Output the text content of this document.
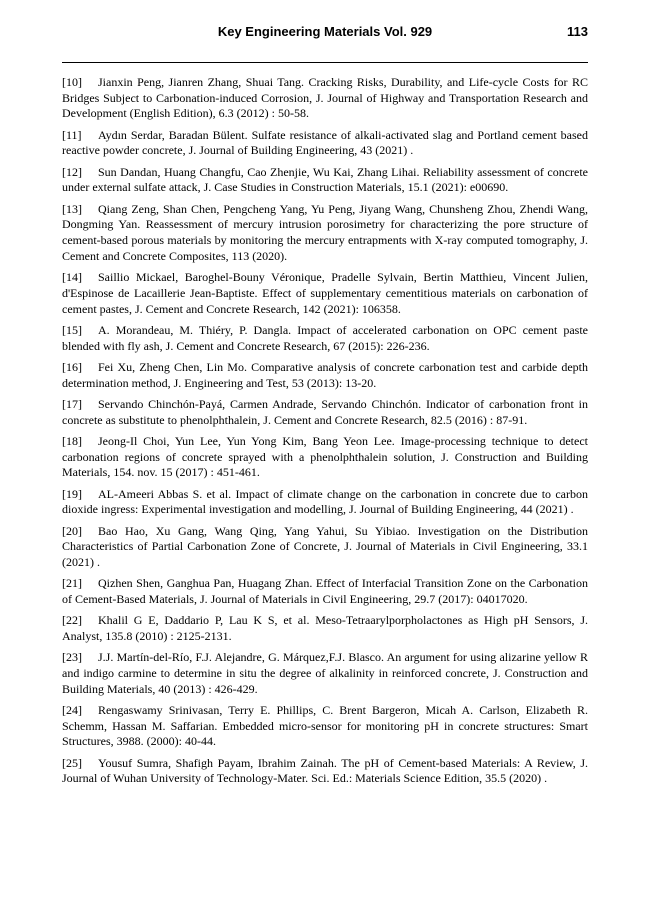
Key Engineering Materials Vol. 929	113

[10] Jianxin Peng, Jianren Zhang, Shuai Tang. Cracking Risks, Durability, and Life-cycle Costs for RC Bridges Subject to Carbonation-induced Corrosion, J. Journal of Highway and Transportation Research and Development (English Edition), 6.3 (2012) : 50-58.

[11] Aydın Serdar, Baradan Bülent. Sulfate resistance of alkali-activated slag and Portland cement based reactive powder concrete, J. Journal of Building Engineering, 43 (2021) .

[12] Sun Dandan, Huang Changfu, Cao Zhenjie, Wu Kai, Zhang Lihai. Reliability assessment of concrete under external sulfate attack, J. Case Studies in Construction Materials, 15.1 (2021): e00690.

[13] Qiang Zeng, Shan Chen, Pengcheng Yang, Yu Peng, Jiyang Wang, Chunsheng Zhou, Zhendi Wang, Dongming Yan. Reassessment of mercury intrusion porosimetry for characterizing the pore structure of cement-based porous materials by monitoring the mercury entrapments with X-ray computed tomography, J. Cement and Concrete Composites, 113 (2020).

[14] Saillio Mickael, Baroghel-Bouny Véronique, Pradelle Sylvain, Bertin Matthieu, Vincent Julien, d'Espinose de Lacaillerie Jean-Baptiste. Effect of supplementary cementitious materials on carbonation of cement pastes, J. Cement and Concrete Research, 142 (2021): 106358.

[15] A. Morandeau, M. Thiéry, P. Dangla. Impact of accelerated carbonation on OPC cement paste blended with fly ash, J. Cement and Concrete Research, 67 (2015): 226-236.

[16] Fei Xu, Zheng Chen, Lin Mo. Comparative analysis of concrete carbonation test and carbide depth determination method, J. Engineering and Test, 53 (2013): 13-20.

[17] Servando Chinchón-Payá, Carmen Andrade, Servando Chinchón. Indicator of carbonation front in concrete as substitute to phenolphthalein, J. Cement and Concrete Research, 82.5 (2016) : 87-91.

[18] Jeong-Il Choi, Yun Lee, Yun Yong Kim, Bang Yeon Lee. Image-processing technique to detect carbonation regions of concrete sprayed with a phenolphthalein solution, J. Construction and Building Materials, 154. nov. 15 (2017) : 451-461.

[19] AL-Ameeri Abbas S. et al. Impact of climate change on the carbonation in concrete due to carbon dioxide ingress: Experimental investigation and modelling, J. Journal of Building Engineering, 44 (2021) .

[20] Bao Hao, Xu Gang, Wang Qing, Yang Yahui, Su Yibiao. Investigation on the Distribution Characteristics of Partial Carbonation Zone of Concrete, J. Journal of Materials in Civil Engineering, 33.1 (2021) .

[21] Qizhen Shen, Ganghua Pan, Huagang Zhan. Effect of Interfacial Transition Zone on the Carbonation of Cement-Based Materials, J. Journal of Materials in Civil Engineering, 29.7 (2017): 04017020.

[22] Khalil G E, Daddario P, Lau K S, et al. Meso-Tetraarylporpholactones as High pH Sensors, J. Analyst, 135.8 (2010) : 2125-2131.

[23] J.J. Martín-del-Río, F.J. Alejandre, G. Márquez,F.J. Blasco. An argument for using alizarine yellow R and indigo carmine to determine in situ the degree of alkalinity in reinforced concrete, J. Construction and Building Materials, 40 (2013) : 426-429.

[24] Rengaswamy Srinivasan, Terry E. Phillips, C. Brent Bargeron, Micah A. Carlson, Elizabeth R. Schemm, Hassan M. Saffarian. Embedded micro-sensor for monitoring pH in concrete structures: Smart Structures, 3988. (2000): 40-44.

[25] Yousuf Sumra, Shafigh Payam, Ibrahim Zainah. The pH of Cement-based Materials: A Review, J. Journal of Wuhan University of Technology-Mater. Sci. Ed.: Materials Science Edition, 35.5 (2020) .
